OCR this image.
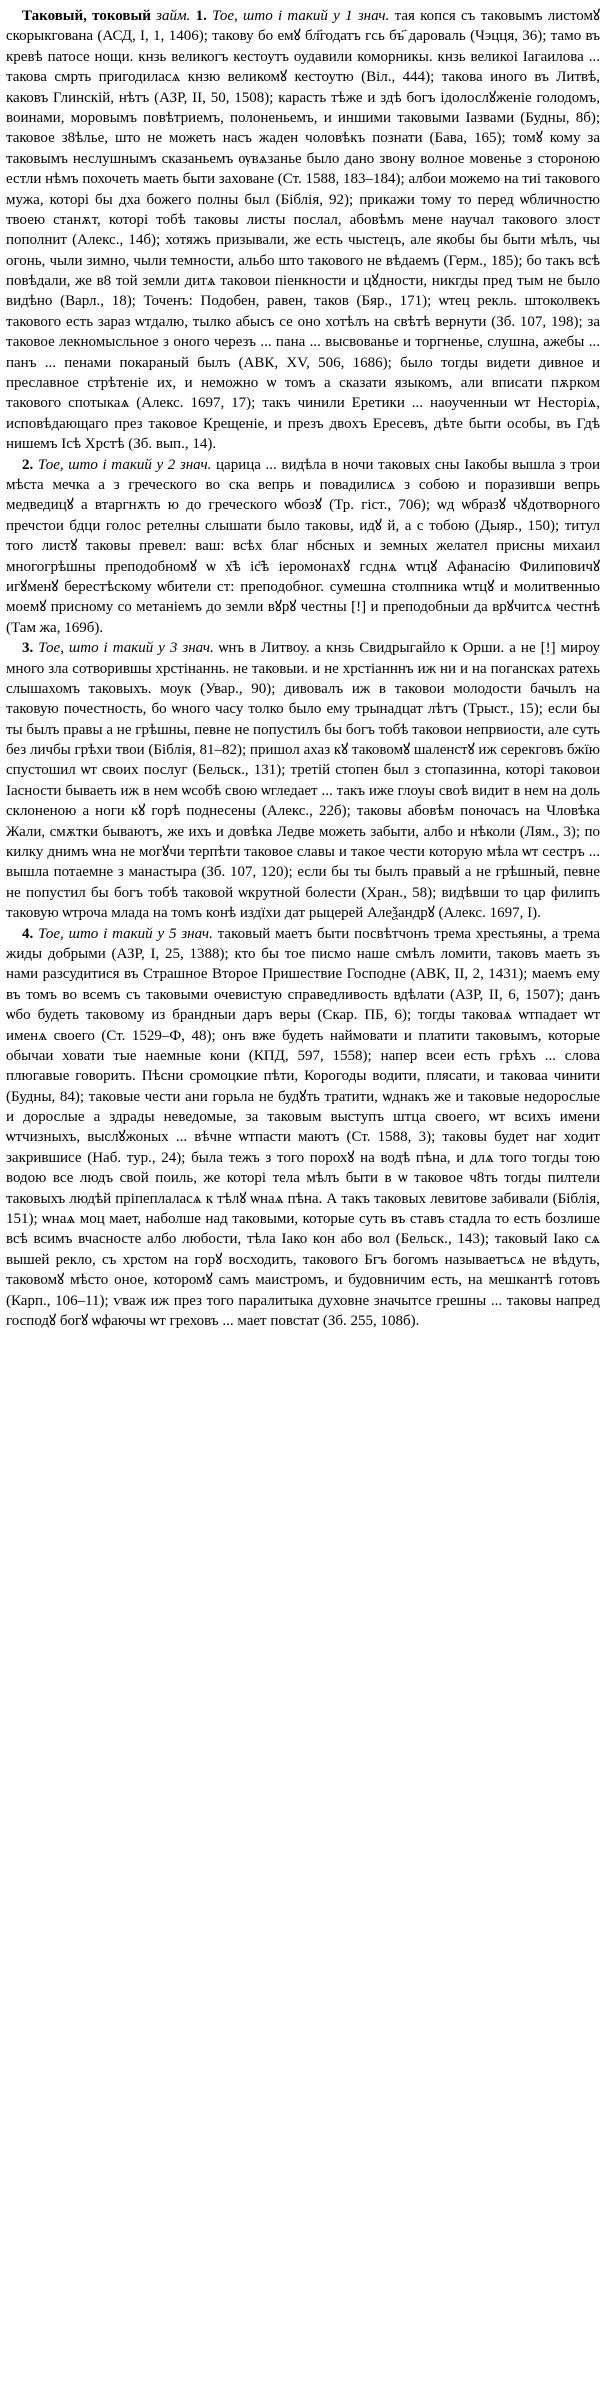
Таковый, токовый займ. 1. Тое, што і такий у 1 знач. тая копся съ таковымъ листомꙋ скорыкгована (АСД, I, 1, 1406); такову бо емꙋ бл҃годатъ гсь бъ҃ дароваль (Чэцця, 36); тамо въ кревѣ патосе нощи. кнзь великогъ кестоутъ оудавили коморникы. кнзь великоі Iагаилова ... такова смрть пригодилаcѧ кнзю великомꙋ кестоутю (Віл., 444); такова иного въ Литвѣ, каковъ Глинскій, нѣтъ (АЗР, II, 50, 1508); карасть тѣже и здѣ богъ ідолослꙋженіе голодомъ, воинами, моровымъ повѣтриемъ, полоненьемъ, и иншими таковыми Iазвами (Будны, 8б); таковое з8ѣлье, што не можеть насъ жаден чоловѣкъ познати (Бава, 165); томꙋ кому за таковымъ неслушнымъ сказаньемъ ѹвѧзанье было дано звону волное мовенье з стороною естли нѣмъ похочеть маеть быти заховане (Ст. 1588, 183–184); албои можемо на тиі такового мужа, которі бы дха божего полны был (Біблія, 92); прикажи тому то перед ѡбличностю твоею станѫт, которі тобѣ таковы листы послал, абовѣмъ мене научал такового злост пополнит (Алекс., 14б); хотяжъ призывали, же есть чыстецъ, але якобы бы быти мѣлъ, чы огонь, чыли зимно, чыли темности, альбо што такового не вѣдаемъ (Герм., 185); бо такъ всѣ повѣдали, же в8 той земли дитѧ таковои піенкности и цꙋдности, никгды пред тым не было видѣно (Варл., 18); Точенъ: Подобен, равен, таков (Бяр., 171); ѡтец рекль. штоколвекъ такового есть зараз ѡтдалю, тылко абысъ се оно хотѣлъ на свѣтѣ вернути (Зб. 107, 198); за таковое лекномысльное з оного черезъ ... пана ... высвованье и торгненье, слушна, ажебы ... панъ ... пенами покараный былъ (АВК, XV, 506, 1686); было тогды видети дивное и преславное стрѣтеніе их, и неможно ѡ томъ а сказати языкомъ, али вписати пѫрком такового спотыкаѧ (Алекс. 1697, 17); такъ чинили Еретики ... наоученныи ѡт Несторіѧ, исповѣдающаго през таковое Крещеніе, и презъ двоxъ Ересевъ, дѣте быти особы, въ Гдѣ нишемъ Ісѣ Хрстѣ (Зб. вып., 14).

2. Тое, што і такий у 2 знач. царица ... видѣла в ночи таковых сны Iакобы вышла з трои мѣста мечка а з греческого во ска вепрь и повадилисѧ з собою и поразивши вепрь медведицꙋ а втаргнѫть ю до греческого ѡбозꙋ (Тр. гіст., 706); ѡд ѡбразꙋ чꙋдотворного пречстои бдци голос ретелны слышати было таковы, идꙋ й, а с тобою (Дыяр., 150); титул того листꙋ таковы превел: ваш: всѣх благ нбсных и земных желател присны михаил многогрѣшны преподобномꙋ ѡ х҃ѣ іс҃ѣ іеромонахꙋ гсднѧ ѡтцꙋ Афанасію Филиповичꙋ игꙋменꙋ берестѣскому ѡбители ст: преподобног. сумешна столпника ѡтцꙋ и молитвенныо моемꙋ присному со метаніемъ до земли вꙋрꙋ честны [!] и преподобныи да врꙋчитсѧ честнѣ (Там жа, 169б).

3. Тое, што і такий у 3 знач. ѡнъ в Литвоу. а кнзь Свидрыгайло к Орши. а не [!] мироу много зла сотворившы хрстінаннь. не таковыи. и не хрстіанннъ иж ни и на погансках ратехь слышахомъ таковыхъ. моук (Увар., 90); дивовалъ иж в таковои молодости бачылъ на таковую почестность, бо ѡного часу толко было ему трынадцат лѣтъ (Трыст., 15); если бы ты былъ правы а не грѣшны, певне не попустилъ бы богъ тобѣ таковои непрвиости, але суть без личбы грѣхи твои (Біблія, 81–82); пришол ахаз кꙋ таковомꙋ шаленстꙋ иж серекговъ бжїю спустошил ѡт своих послуг (Бельск., 131); третій стопен был з стопазинна, которі таковои Iасности бываеть иж в нем ѡсобѣ свою ѡгледает ... такъ иже глоуы своѣ видит в нем на доль склоненою а ноги кꙋ горѣ поднесены (Алекс., 22б); таковы абовѣм поночасъ на Чловѣка Жали, смѫтки бываютъ, же ихъ и довѣка Ледве можеть забыти, албо и нѣколи (Лям., 3); по килку днимъ ѡна не могꙋчи терпѣти таковое славы и такое чести которую мѣла ѡт сестръ ... вышла потаемне з манастыра (Зб. 107, 120); если бы ты былъ правый а не грѣшный, певне не попустил бы богъ тобѣ таковой ѡкрутной болести (Хран., 58); видѣвши то цар филипъ таковую ѡтроча млада на томъ конѣ издїхи дат рыцерей Алеѯандрꙋ (Алекс. 1697, I).

4. Тое, што і такий у 5 знач. таковый маетъ быти посвѣтчонъ трема хрестьяны, а трема жиды добрыми (АЗР, I, 25, 1388); кто бы тое писмо наше смѣлъ ломити, таковъ маеть зъ нами разсудитися въ Страшное Второе Пришествие Господне (АВК, II, 2, 1431); маемъ ему въ томъ во всемъ съ таковыми очевистую справедливость вдѣлати (АЗР, II, 6, 1507); данъ ѡбо будеть таковому из брандныи даръ веры (Скар. ПБ, 6); тогды таковаѧ ѡтпадает ѡт именѧ своего (Ст. 1529–Ф, 48); онъ вже будеть наймовати и платити таковымъ, которые обычаи ховати тые наемные кони (КПД, 597, 1558); напер всеи есть грѣхъ ... слова плюгавые говорить. Пѣсни сромоцкие пѣти, Корогоды водити, плясати, и таковаа чинити (Будны, 84); таковые чести ани горьла не будꙋть тратити, ѡднакъ же и таковые недорослые и дорослые а здрады неведомые, за таковым выступъ штцa своего, ѡт всихъ имени ѡтчизныхъ, выслꙋжоных ... вѣчне ѡтпасти маютъ (Ст. 1588, 3); таковы будет наг ходит закрившисе (Наб. тур., 24); была тежъ з того порохꙋ на водѣ пѣна, и длѧ того тогды тою водою все людъ свой поиль, же которі тела мѣлъ быти в ѡ таковое ч8ть тогды пилтели таковыхъ людѣй пріпеплаласѧ к тѣлꙋ ѡнаѧ пѣна. А такъ таковых левитове забивали (Біблія, 151); ѡнаѧ моц мает, наболше над таковыми, которые суть въ ставъ стадла то есть бозлише всѣ всимъ вчасносте албо любости, тѣла Iако кон або вол (Бельск., 143); таковый Iако сѧ вышей рекло, съ хрстом на горꙋ восходить, такового Бгъ богомъ называетъсѧ не вѣдуть, таковомꙋ мѣсто оное, которомꙋ самъ маистромъ, и будовничим есть, на мешкантѣ готовъ (Карп., 106–11); ѵваж иж през того паралитыка духовне значытсе грешны ... таковы напред господꙋ богꙋ ѡфаючы ѡт греховъ ... мает повстат (Зб. 255, 108б).
